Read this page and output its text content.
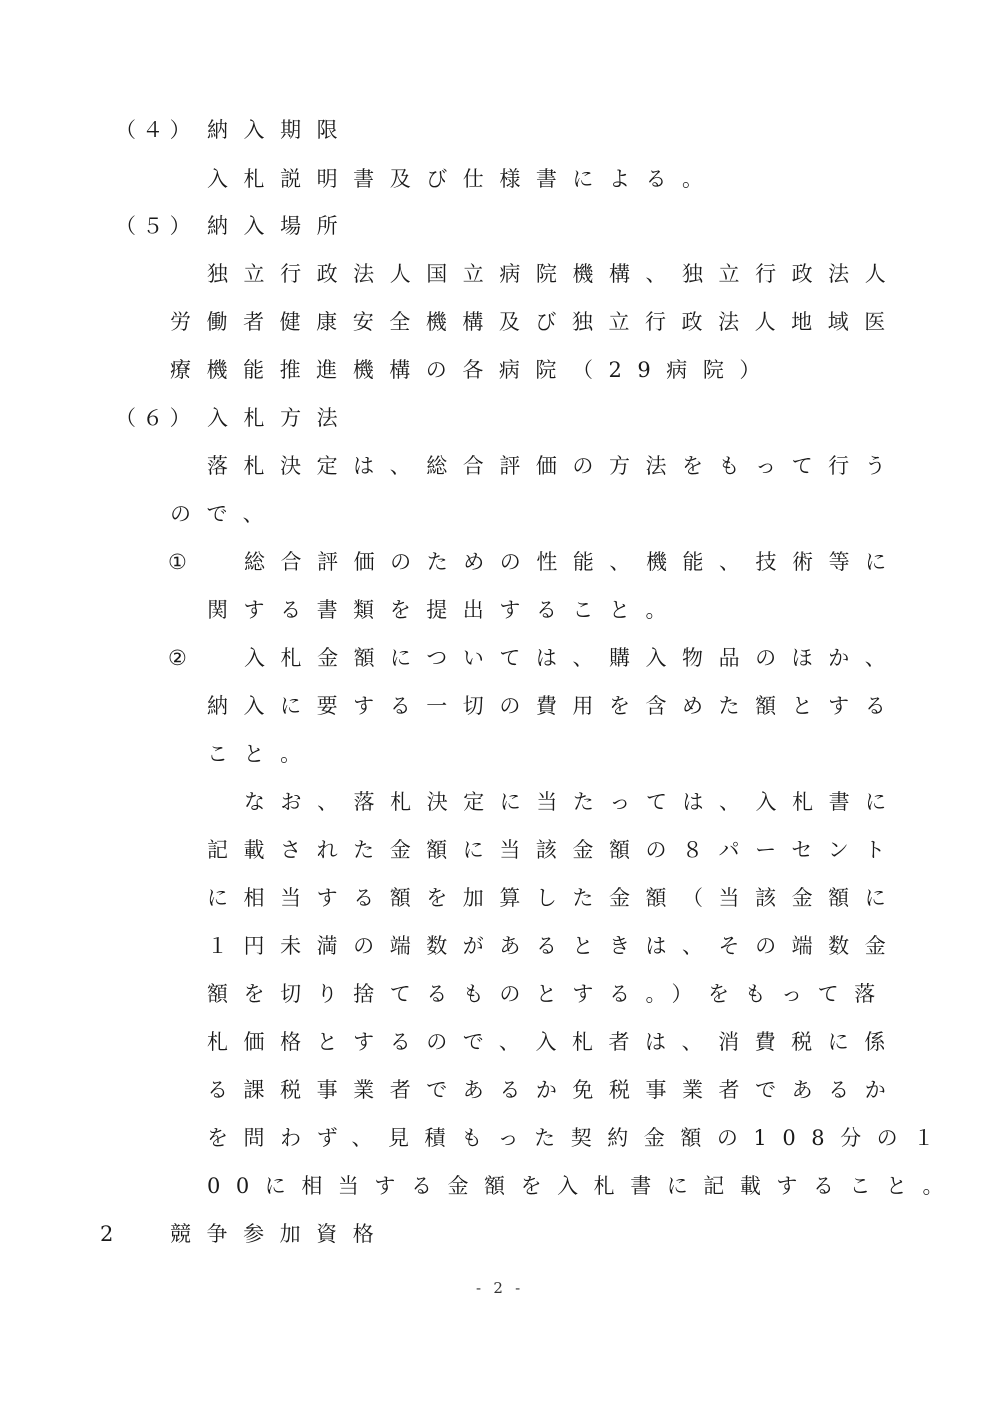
（４） 納入期限
入札説明書及び仕様書による。
（５） 納入場所
独立行政法人国立病院機構、独立行政法人
労働者健康安全機構及び独立行政法人地域医
療機能推進機構の各病院（29病院）
（６） 入札方法
落札決定は、総合評価の方法をもって行う
ので、
① 総合評価のための性能、機能、技術等に
関する書類を提出すること。
② 入札金額については、購入物品のほか、
納入に要する一切の費用を含めた額とする
こと。
なお、落札決定に当たっては、入札書に
記載された金額に当該金額の８パーセント
に相当する額を加算した金額（当該金額に
１円未満の端数があるときは、その端数金
額を切り捨てるものとする。）をもって落
札価格とするので、入札者は、消費税に係
る課税事業者であるか免税事業者であるか
を問わず、見積もった契約金額の108分の１
00に相当する金額を入札書に記載すること。
2 競争参加資格
- 2 -
